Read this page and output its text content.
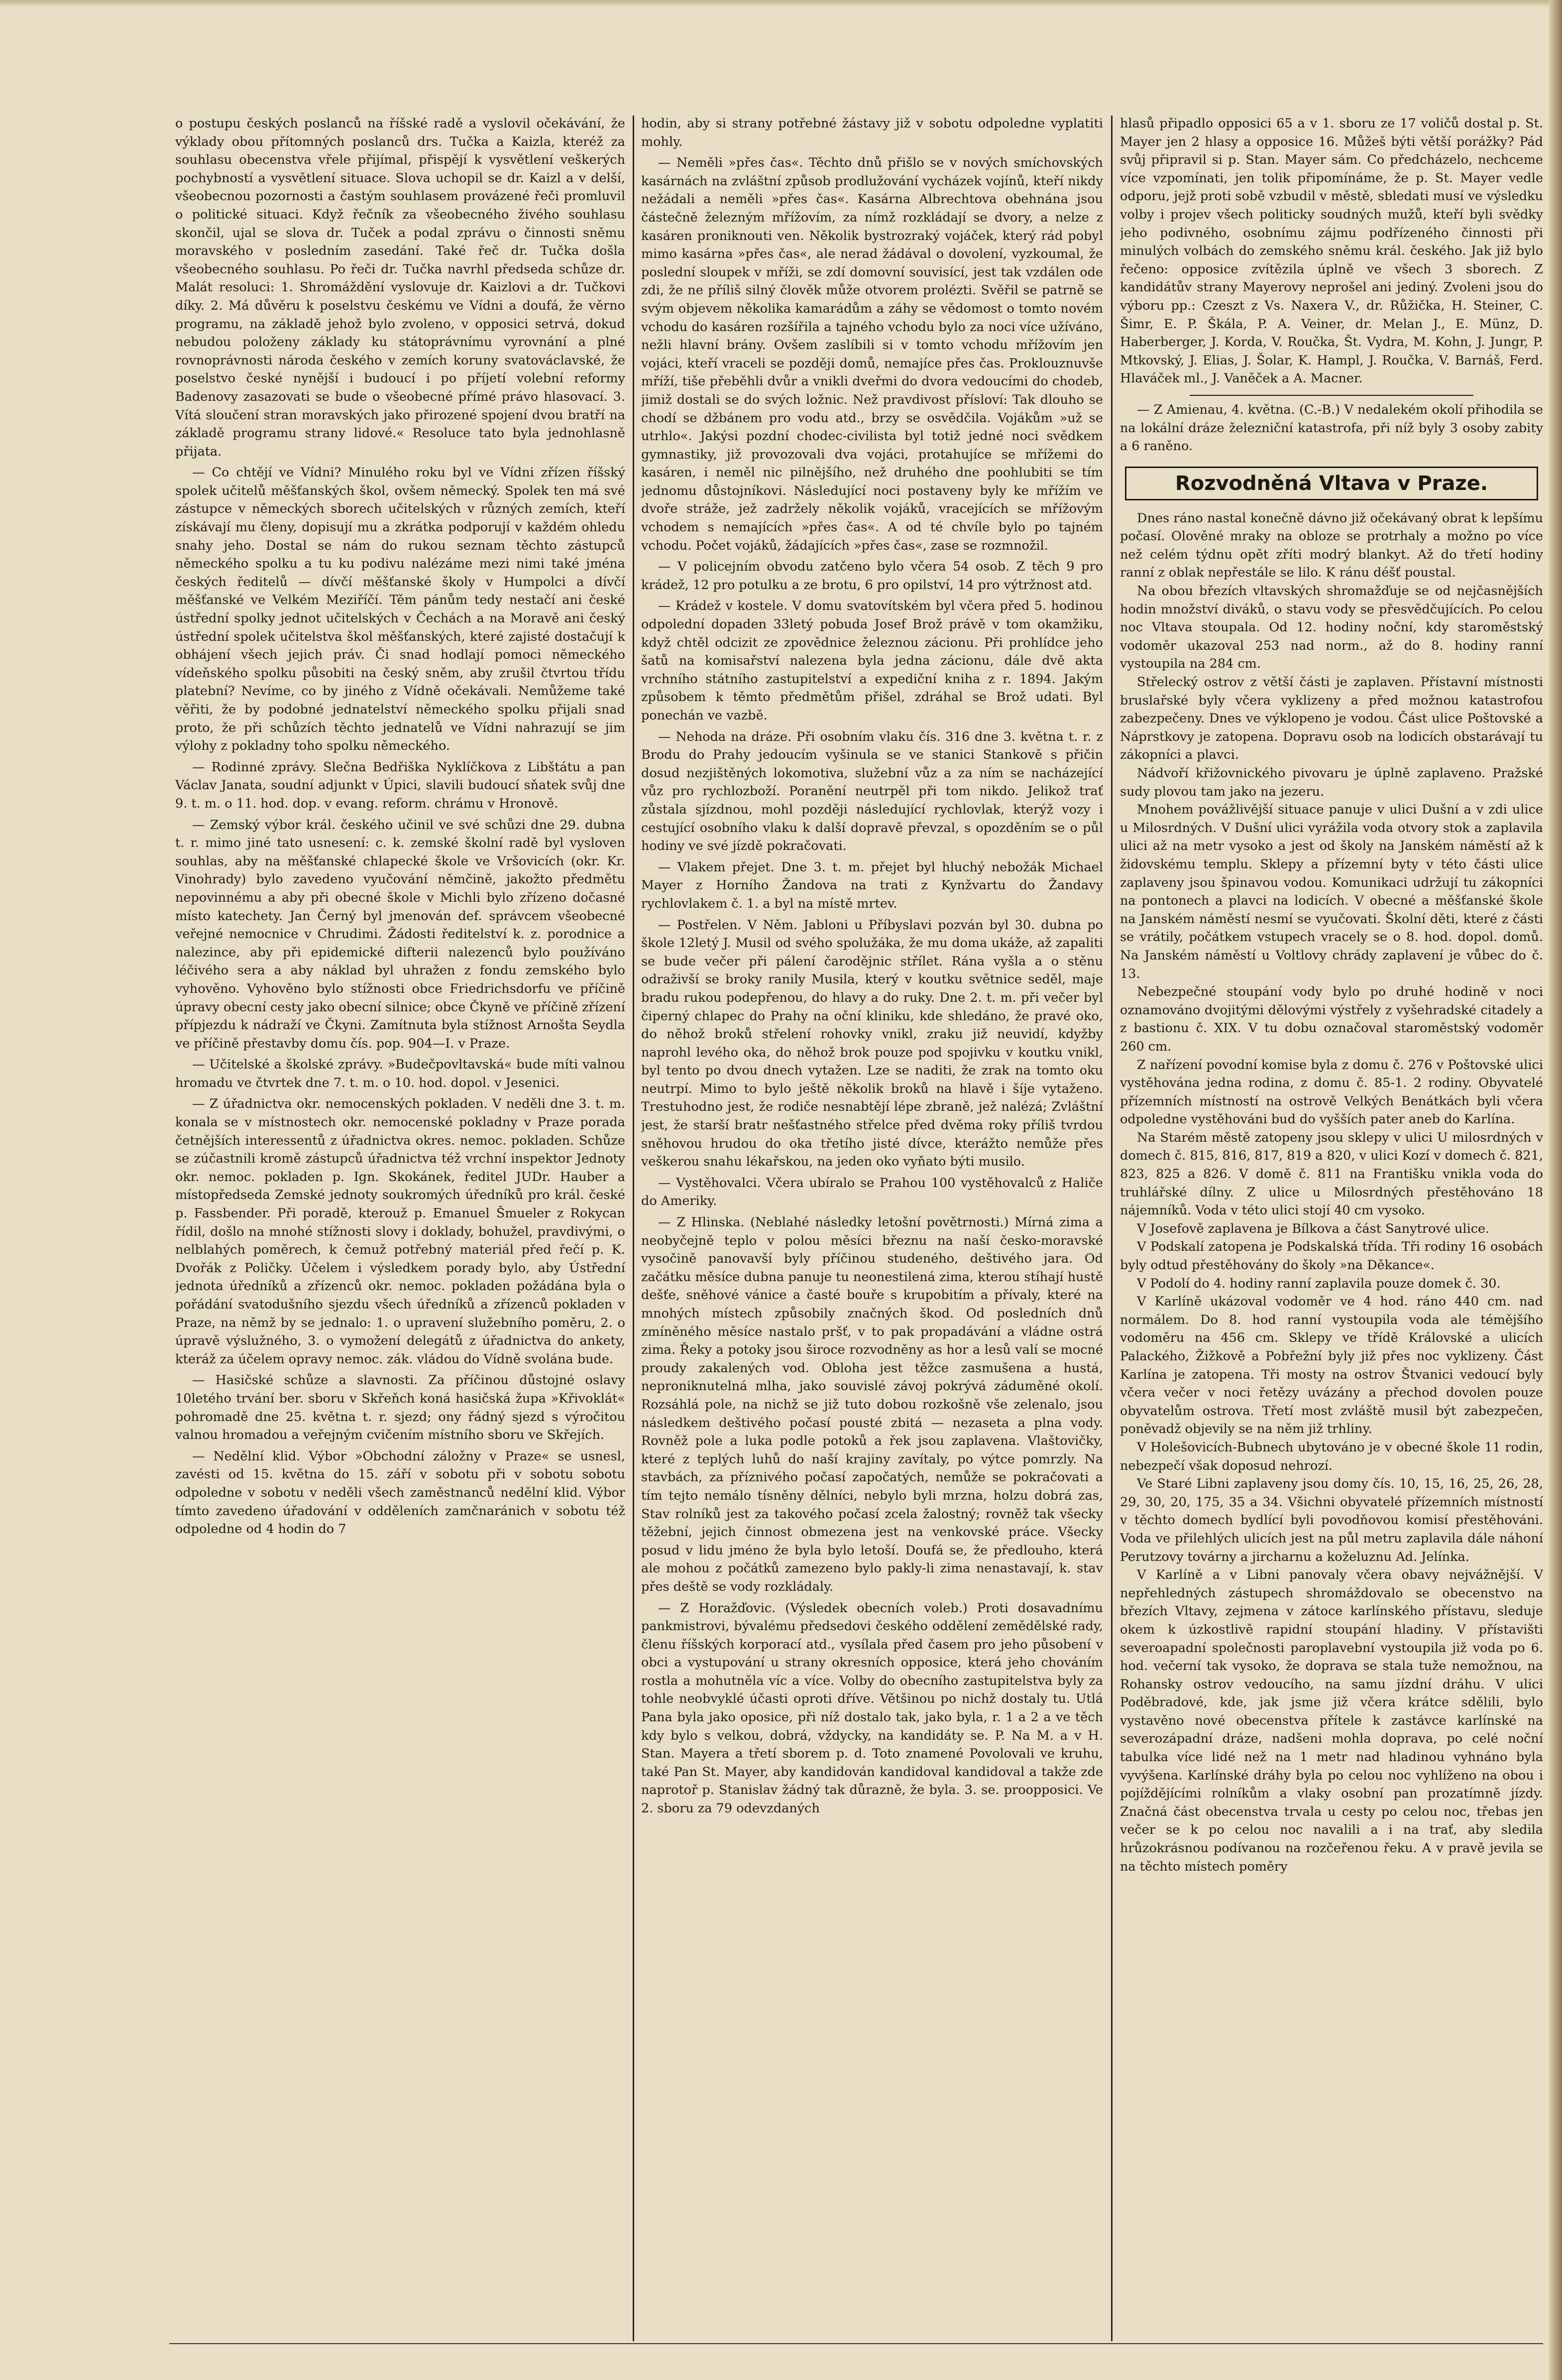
o postupu českých poslanců na říšské radě a vyslovil očekávání, že výklady obou přítomných poslanců drs. Tučka a Kaizla, kteréž za souhlasu obecenstva vřele přijímal, přispějí k vysvětlení veškerých pochybností a vysvětlení situace. Slova uchopil se dr. Kaizl a v delší, všeobecnou pozornosti a častým souhlasem provázené řeči promluvil o politické situaci. Když řečník za všeobecného živého souhlasu skončil, ujal se slova dr. Tuček a podal zprávu o činnosti sněmu moravského v posledním zasedání. Také řeč dr. Tučka došla všeobecného souhlasu. Po řeči dr. Tučka navrhl předseda schůze dr. Malát resoluci: 1. Shromáždění vyslovuje dr. Kaizlovi a dr. Tučkovi díky. 2. Má důvěru k poselstvu českému ve Vídni a doufá, že věrno programu, na základě jehož bylo zvoleno, v opposici setrvá, dokud nebudou položeny základy ku státoprávnímu vyrovnání a plné rovnoprávnosti národa českého v zemích koruny svatováclavské, že poselstvo české nynější i budoucí i po příjetí volební reformy Badenovy zasazovati se bude o všeobecné přímé právo hlasovací. 3. Vítá sloučení stran moravských jako přirozené spojení dvou bratří na základě programu strany lidové.« Resoluce tato byla jednohlasně přijata.

— Co chtějí ve Vídni? Minulého roku byl ve Vídni zřízen říšský spolek učitelů měšťanských škol, ovšem německý. Spolek ten má své zástupce v německých sborech učitelských v různých zemích, kteří získávají mu členy, dopisují mu a zkrátka podporují v každém ohledu snahy jeho. Dostal se nám do rukou seznam těchto zástupců německého spolku a tu ku podivu nalézáme mezi nimi také jména českých ředitelů — dívčí měšťanské školy v Humpolci a dívčí měšťanské ve Velkém Meziříčí. Těm pánům tedy nestačí ani české ústřední spolky jednot učitelských v Čechách a na Moravě ani český ústřední spolek učitelstva škol měšťanských, které zajisté dostačují k obhájení všech jejich práv. Či snad hodlají pomoci německého vídeňského spolku působiti na český sněm, aby zrušil čtvrtou třídu platební? Nevíme, co by jiného z Vídně očekávali. Nemůžeme také věřiti, že by podobné jednatelství německého spolku přijali snad proto, že při schůzích těchto jednatelů ve Vídni nahrazují se jim výlohy z pokladny toho spolku německého.

— Rodinné zprávy. Slečna Bedřiška Nyklíčkova z Libštátu a pan Václav Janata, soudní adjunkt v Úpici, slavili budoucí sňatek svůj dne 9. t. m. o 11. hod. dop. v evang. reform. chrámu v Hronově.

— Zemský výbor král. českého učinil ve své schůzi dne 29. dubna t. r. mimo jiné tato usnesení: c. k. zemské školní radě byl vysloven souhlas, aby na měšťanské chlapecké škole ve Vršovicích (okr. Kr. Vinohrady) bylo zavedeno vyučování němčině, jakožto předmětu nepovinnému a aby při obecné škole v Michli bylo zřízeno dočasné místo katechety. Jan Černý byl jmenován def. správcem všeobecné veřejné nemocnice v Chrudimi. Žádosti ředitelství k. z. porodnice a nalezince, aby při epidemické difterii nalezenců bylo používáno léčivého sera a aby náklad byl uhražen z fondu zemského bylo vyhověno. Vyhověno bylo stížnosti obce Friedrichsdorfu ve příčině úpravy obecní cesty jako obecní silnice; obce Čkyně ve příčině zřízení přípjezdu k nádraží ve Čkyni. Zamítnuta byla stížnost Arnošta Seydla ve příčině přestavby domu čís. pop. 904—I. v Praze.

— Učitelské a školské zprávy. »Budečpovltavská« bude míti valnou hromadu ve čtvrtek dne 7. t. m. o 10. hod. dopol. v Jesenici.

— Z úřadnictva okr. nemocenských pokladen. V neděli dne 3. t. m. konala se v místnostech okr. nemocenské pokladny v Praze porada četnějších interessentů z úřadnictva okres. nemoc. pokladen. Schůze se zúčastnili kromě zástupců úřadnictva též vrchní inspektor Jednoty okr. nemoc. pokladen p. Ign. Skokánek, ředitel JUDr. Hauber a místopředseda Zemské jednoty soukromých úředníků pro král. české p. Fassbender. Při poradě, kterouž p. Emanuel Šmueler z Rokycan řídil, došlo na mnohé stížnosti slovy i doklady, bohužel, pravdivými, o nelblahých poměrech, k čemuž potřebný materiál před řečí p. K. Dvořák z Poličky. Účelem i výsledkem porady bylo, aby Ústřední jednota úředníků a zřízenců okr. nemoc. pokladen požádána byla o pořádání svatodušního sjezdu všech úředníků a zřízenců pokladen v Praze, na němž by se jednalo: 1. o upravení služebního poměru, 2. o úpravě výslužného, 3. o vymožení delegátů z úřadnictva do ankety, kteráž za účelem opravy nemoc. zák. vládou do Vídně svolána bude.

— Hasičské schůze a slavnosti. Za příčinou důstojné oslavy 10letého trvání ber. sboru v Skřeňch koná hasičská župa »Křivoklát« pohromadě dne 25. května t. r. sjezd; ony řádný sjezd s výročitou valnou hromadou a veřejným cvičením místního sboru ve Skřejích.

— Nedělní klid. Výbor »Obchodní záložny v Praze« se usnesl, zavésti od 15. května do 15. září v sobotu při v sobotu sobotu odpoledne v sobotu v neděli všech zaměstnanců nedělní klid. Výbor tímto zavedeno úřadování v odděleních zamčnaránich v sobotu též odpoledne od 4 hodin do 7

hodin, aby si strany potřebné žástavy již v sobotu odpoledne vyplatiti mohly.

— Neměli »přes čas«. Těchto dnů přišlo se v nových smíchovských kasárnách na zvláštní způsob prodlužování vycházek vojínů, kteří nikdy nežádali a neměli »přes čas«. Kasárna Albrechtova obehnána jsou částečně železným mřížovím, za nímž rozkládají se dvory, a nelze z kasáren proniknouti ven. Několik bystrozraký vojáček, který rád pobyl mimo kasárna »přes čas«, ale nerad žádával o dovolení, vyzkoumal, že poslední sloupek v mříži, se zdí domovní souvisící, jest tak vzdálen ode zdi, že ne příliš silný člověk může otvorem prolézti. Svěřil se patrně se svým objevem několika kamarádům a záhy se vědomost o tomto novém vchodu do kasáren rozšířila a tajného vchodu bylo za noci více užíváno, nežli hlavní brány. Ovšem zaslíbili si v tomto vchodu mřížovím jen vojáci, kteří vraceli se později domů, nemajíce přes čas. Proklouznuvše mříží, tiše přeběhli dvůr a vnikli dveřmi do dvora vedoucími do chodeb, jimiž dostali se do svých ložnic. Než pravdivost přísloví: Tak dlouho se chodí se džbánem pro vodu atd., brzy se osvědčila. Vojákům »už se utrhlo«. Jakýsi pozdní chodec-civilista byl totiž jedné noci svědkem gymnastiky, již provozovali dva vojáci, protahujíce se mřížemi do kasáren, i neměl nic pilnějšího, než druhého dne poohlubiti se tím jednomu důstojníkovi. Následující noci postaveny byly ke mřížím ve dvoře stráže, jež zadržely několik vojáků, vracejících se mřížovým vchodem s nemajících »přes čas«. A od té chvíle bylo po tajném vchodu. Počet vojáků, žádajících »přes čas«, zase se rozmnožil.

— V policejním obvodu zatčeno bylo včera 54 osob. Z těch 9 pro krádež, 12 pro potulku a ze brotu, 6 pro opilství, 14 pro výtržnost atd.

— Krádež v kostele. V domu svatovítském byl včera před 5. hodinou odpolední dopaden 33letý pobuda Josef Brož právě v tom okamžiku, když chtěl odcizit ze zpovědnice železnou zácionu. Při prohlídce jeho šatů na komisařství nalezena byla jedna zácionu, dále dvě akta vrchního státního zastupitelství a expediční kniha z r. 1894. Jakým způsobem k těmto předmětům přišel, zdráhal se Brož udati. Byl ponechán ve vazbě.

— Nehoda na dráze. Při osobním vlaku čís. 316 dne 3. května t. r. z Brodu do Prahy jedoucím vyšinula se ve stanici Stankově s přičin dosud nezjištěných lokomotiva, služební vůz a za ním se nacházející vůz pro rychlozboží. Poranění neutrpěl při tom nikdo. Jelikož trať zůstala sjízdnou, mohl později následující rychlovlak, kterýž vozy i cestující osobního vlaku k další dopravě převzal, s opozděním se o půl hodiny ve své jízdě pokračovati.

— Vlakem přejet. Dne 3. t. m. přejet byl hluchý nebožák Michael Mayer z Horního Žandova na trati z Kynžvartu do Žandavy rychlovlakem č. 1. a byl na místě mrtev.

— Postřelen. V Něm. Jabloni u Příbyslavi pozván byl 30. dubna po škole 12letý J. Musil od svého spolužáka, že mu doma ukáže, až zapaliti se bude večer při pálení čarodějnic střílet. Rána vyšla a o stěnu odraživší se broky ranily Musila, který v koutku světnice seděl, maje bradu rukou podepřenou, do hlavy a do ruky. Dne 2. t. m. při večer byl čiperný chlapec do Prahy na oční kliniku, kde shledáno, že pravé oko, do něhož broků střelení rohovky vnikl, zraku již neuvidí, kdyžby naprohl levého oka, do něhož brok pouze pod spojivku v koutku vnikl, byl tento po dvou dnech vytažen. Lze se naditi, že zrak na tomto oku neutrpí. Mimo to bylo ještě několik broků na hlavě i šíje vytaženo. Trestuhodno jest, že rodiče nesnabtějí lépe zbraně, jež nalézá; Zvláštní jest, že starší bratr nešťastného střelce před dvěma roky příliš tvrdou sněhovou hrudou do oka třetího jisté dívce, kterážto nemůže přes veškerou snahu lékařskou, na jeden oko vyňato býti musilo.

— Vystěhovalci. Včera ubíralo se Prahou 100 vystěhovalců z Haliče do Ameriky.

— Z Hlinska. (Neblahé následky letošní povětrnosti.) Mírná zima a neobyčejně teplo v polou měsíci březnu na naší česko-moravské vysočině panovavší byly příčinou studeného, deštivého jara. Od začátku měsíce dubna panuje tu neonestilená zima, kterou stíhají hustě dešťe, sněhové vánice a časté bouře s krupobitím a přívaly, které na mnohých místech způsobily značných škod. Od posledních dnů zmíněného měsíce nastalo pršť, v to pak propadávání a vládne ostrá zima. Řeky a potoky jsou široce rozvodněny as hor a lesů valí se mocné proudy zakalených vod. Obloha jest těžce zasmušena a hustá, neproniknutelná mlha, jako souvislé závoj pokrývá záduměné okolí. Rozsáhlá pole, na nichž se již tuto dobou rozkošně vše zelenalo, jsou následkem deštivého počasí pousté zbitá — nezaseta a plna vody. Rovněž pole a luka podle potoků a řek jsou zaplavena. Vlaštovičky, které z teplých luhů do naší krajiny zavítaly, po výtce pomrzly. Na stavbách, za příznivého počasí započatých, nemůže se pokračovati a tím tejto nemálo tísněny dělníci, nebylo byli mrzna, holzu dobrá zas, Stav rolníků jest za takového počasí zcela žalostný; rovněž tak všecky těžební, jejich činnost obmezena jest na venkovské práce. Všecky posud v lidu jméno že byla bylo letoší. Doufá se, že předlouho, která ale mohou z počátků zamezeno bylo pakly-li zima nenastavají, k. stav přes deště se vody rozkládaly.

— Z Horažďovic. (Výsledek obecních voleb.) Proti dosavadnímu pankmistrovi, bývalému předsedovi českého oddělení zemědělské rady, členu říšských korporací atd., vysílala před časem pro jeho působení v obci a vystupování u strany okresních opposice, která jeho chováním rostla a mohutněla víc a více. Volby do obecního zastupitelstva byly za tohle neobvyklé účasti oproti dříve. Většinou po nichž dostaly tu. Utlá Pana byla jako oposice, při níž dostalo tak, jako byla, r. 1 a 2 a ve těch kdy bylo s velkou, dobrá, vždycky, na kandidáty se. P. Na M. a v H. Stan. Mayera a třetí sborem p. d. Toto znamené Povolovali ve kruhu, také Pan St. Mayer, aby kandidován kandidoval kandidoval a takže zde naprotoř p. Stanislav žádný tak důrazně, že byla. 3. se. proopposici. Ve 2. sboru za 79 odevzdaných

hlasů připadlo opposici 65 a v 1. sboru ze 17 voličů dostal p. St. Mayer jen 2 hlasy a opposice 16. Můžeš býti větší porážky? Pád svůj připravil si p. Stan. Mayer sám. Co předcházelo, nechceme více vzpomínati, jen tolik připomínáme, že p. St. Mayer vedle odporu, jejž proti sobě vzbudil v městě, sbledati musí ve výsledku volby i projev všech politicky soudných mužů, kteří byli svědky jeho podivného, osobnímu zájmu podřízeného činnosti při minulých volbách do zemského sněmu král. českého. Jak již bylo řečeno: opposice zvítězila úplně ve všech 3 sborech. Z kandidátův strany Mayerovy neprošel ani jediný. Zvoleni jsou do výboru pp.: Czeszt z Vs. Naxera V., dr. Růžička, H. Steiner, C. Šimr, E. P. Škála, P. A. Veiner, dr. Melan J., E. Münz, D. Haberberger, J. Korda, V. Roučka, Št. Vydra, M. Kohn, J. Jungr, P. Mtkovský, J. Elias, J. Šolar, K. Hampl, J. Roučka, V. Barnáš, Ferd. Hlaváček ml., J. Vaněček a A. Macner.

— Z Amienau, 4. května. (C.-B.) V nedalekém okolí přihodila se na lokální dráze železniční katastrofa, při níž byly 3 osoby zabity a 6 raněno.

Rozvodněná Vltava v Praze.

Dnes ráno nastal konečně dávno již očekávaný obrat k lepšímu počasí. Olověné mraky na obloze se protrhaly a možno po více než celém týdnu opět zříti modrý blankyt. Až do třetí hodiny ranní z oblak nepřestále se lilo. K ránu déšť poustal.

Na obou březích vltavských shromažďuje se od nejčasnějších hodin množství diváků, o stavu vody se přesvědčujících. Po celou noc Vltava stoupala. Od 12. hodiny noční, kdy staroměstský vodoměr ukazoval 253 nad norm., až do 8. hodiny ranní vystoupila na 284 cm.

Střelecký ostrov z větší části je zaplaven. Přístavní místnosti bruslařské byly včera vyklizeny a před možnou katastrofou zabezpečeny. Dnes ve výklopeno je vodou. Část ulice Poštovské a Náprstkovy je zatopena. Dopravu osob na lodicích obstarávají tu zákopníci a plavci.

Nádvoří křižovnického pivovaru je úplně zaplaveno. Pražské sudy plovou tam jako na jezeru.

Mnohem povážlivější situace panuje v ulici Dušní a v zdi ulice u Milosrdných. V Dušní ulici vyrážila voda otvory stok a zaplavila ulici až na metr vysoko a jest od školy na Janském náměstí až k židovskému templu. Sklepy a přízemní byty v této části ulice zaplaveny jsou špinavou vodou. Komunikaci udržují tu zákopníci na pontonech a plavci na lodicích. V obecné a měšťanské škole na Janském náměstí nesmí se vyučovati. Školní děti, které z části se vrátily, počátkem vstupech vracely se o 8. hod. dopol. domů. Na Janském náměstí u Voltlovy chrády zaplavení je vůbec do č. 13.

Nebezpečné stoupání vody bylo po druhé hodině v noci oznamováno dvojitými dělovými výstřely z vyšehradské citadely a z bastionu č. XIX. V tu dobu označoval staroměstský vodoměr 260 cm.

Z nařízení povodní komise byla z domu č. 276 v Poštovské ulici vystěhována jedna rodina, z domu č. 85-1. 2 rodiny. Obyvatelé přízemních místností na ostrově Velkých Benátkách byli včera odpoledne vystěhováni bud do vyšších pater aneb do Karlína.

Na Starém městě zatopeny jsou sklepy v ulici U milosrdných v domech č. 815, 816, 817, 819 a 820, v ulici Kozí v domech č. 821, 823, 825 a 826. V domě č. 811 na Františku vnikla voda do truhlářské dílny. Z ulice u Milosrdných přestěhováno 18 nájemníků. Voda v této ulici stojí 40 cm vysoko.

V Josefově zaplavena je Bílkova a část Sanytrové ulice.

V Podskalí zatopena je Podskalská třída. Tři rodiny 16 osobách byly odtud přestěhovány do školy »na Děkance«.

V Podolí do 4. hodiny ranní zaplavila pouze domek č. 30.

V Karlíně ukázoval vodoměr ve 4 hod. ráno 440 cm. nad normálem. Do 8. hod ranní vystoupila voda ale témějšího vodoměru na 456 cm. Sklepy ve třídě Královské a ulicích Palackého, Žižkově a Pobřežní byly již přes noc vyklizeny. Část Karlína je zatopena. Tři mosty na ostrov Štvanici vedoucí byly včera večer v noci řetězy uvázány a přechod dovolen pouze obyvatelům ostrova. Třetí most zvláště musil být zabezpečen, poněvadž objevily se na něm již trhliny.

V Holešovicích-Bubnech ubytováno je v obecné škole 11 rodin, nebezpečí však doposud nehrozí.

Ve Staré Libni zaplaveny jsou domy čís. 10, 15, 16, 25, 26, 28, 29, 30, 20, 175, 35 a 34. Všichni obyvatelé přízemních místností v těchto domech bydlící byli povodňovou komisí přestěhováni. Voda ve přilehlých ulicích jest na půl metru zaplavila dále náhoní Perutzovy továrny a jircharnu a koželuznu Ad. Jelínka.

V Karlíně a v Libni panovaly včera obavy nejvážnější. V nepřehledných zástupech shromáždovalo se obecenstvo na březích Vltavy, zejmena v zátoce karlínského přístavu, sleduje okem k úzkostlivě rapidní stoupání hladiny. V přístavišti severoapadní společnosti paroplavební vystoupila již voda po 6. hod. večerní tak vysoko, že doprava se stala tuže nemožnou, na Rohansky ostrov vedoucího, na samu jízdní dráhu. V ulici Poděbradové, kde, jak jsme již včera krátce sdělili, bylo vystavěno nové obecenstva přítele k zastávce karlínské na severozápadní dráze, nadšeni mohla doprava, po celé noční tabulka více lidé než na 1 metr nad hladinou vyhnáno byla vyvýšena. Karlínské dráhy byla po celou noc vyhlíženo na obou i pojíždějícími rolníkům a vlaky osobní pan prozatímně jízdy. Značná část obecenstva trvala u cesty po celou noc, třebas jen večer se k po celou noc navalili a i na trať, aby sledila hrůzokrásnou podívanou na rozčeřenou řeku. A v pravě jevila se na těchto místech poměry
